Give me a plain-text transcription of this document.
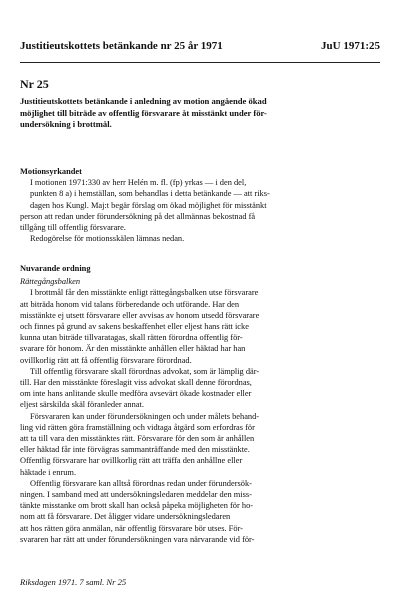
Justitieutskottets betänkande nr 25 år 1971	JuU 1971:25
Nr 25
Justitieutskottets betänkande i anledning av motion angående ökad
möjlighet till biträde av offentlig försvarare åt misstänkt under för-
undersökning i brottmål.
Motionsyrkandet
I motionen 1971:330 av herr Helén m. fl. (fp) yrkas — i den del,
punkten 8 a) i hemställan, som behandlas i detta betänkande — att riks-
dagen hos Kungl. Maj:t begär förslag om ökad möjlighet för misstänkt
person att redan under förundersökning på det allmännas bekostnad få
tillgång till offentlig försvarare.
Redogörelse för motionsskälen lämnas nedan.
Nuvarande ordning
Rättegångsbalken
I brottmål får den misstänkte enligt rättegångsbalken utse försvarare
att biträda honom vid talans förberedande och utförande. Har den
misstänkte ej utsett försvarare eller avvisas av honom utsedd försvarare
och finnes på grund av sakens beskaffenhet eller eljest hans rätt icke
kunna utan biträde tillvaratagas, skall rätten förordna offentlig för-
svarare för honom. Är den misstänkte anhållen eller häktad har han
ovillkorlig rätt att få offentlig försvarare förordnad.
Till offentlig försvarare skall förordnas advokat, som är lämplig där-
till. Har den misstänkte föreslagit viss advokat skall denne förordnas,
om inte hans anlitande skulle medföra avsevärt ökade kostnader eller
eljest särskilda skäl föranleder annat.
Försvararen kan under förundersökningen och under målets behand-
ling vid rätten göra framställning och vidtaga åtgärd som erfordras för
att ta till vara den misstänktes rätt. Försvarare för den som är anhållen
eller häktad får inte förvägras sammanträffande med den misstänkte.
Offentlig försvarare har ovillkorlig rätt att träffa den anhållne eller
häktade i enrum.
Offentlig försvarare kan alltså förordnas redan under förundersök-
ningen. I samband med att undersökningsledaren meddelar den miss-
tänkte misstanke om brott skall han också påpeka möjligheten för ho-
nom att få försvarare. Det åligger vidare undersökningsledaren
att hos rätten göra anmälan, när offentlig försvarare bör utses. För-
svararen har rätt att under förundersökningen vara närvarande vid för-
Riksdagen 1971. 7 saml. Nr 25
